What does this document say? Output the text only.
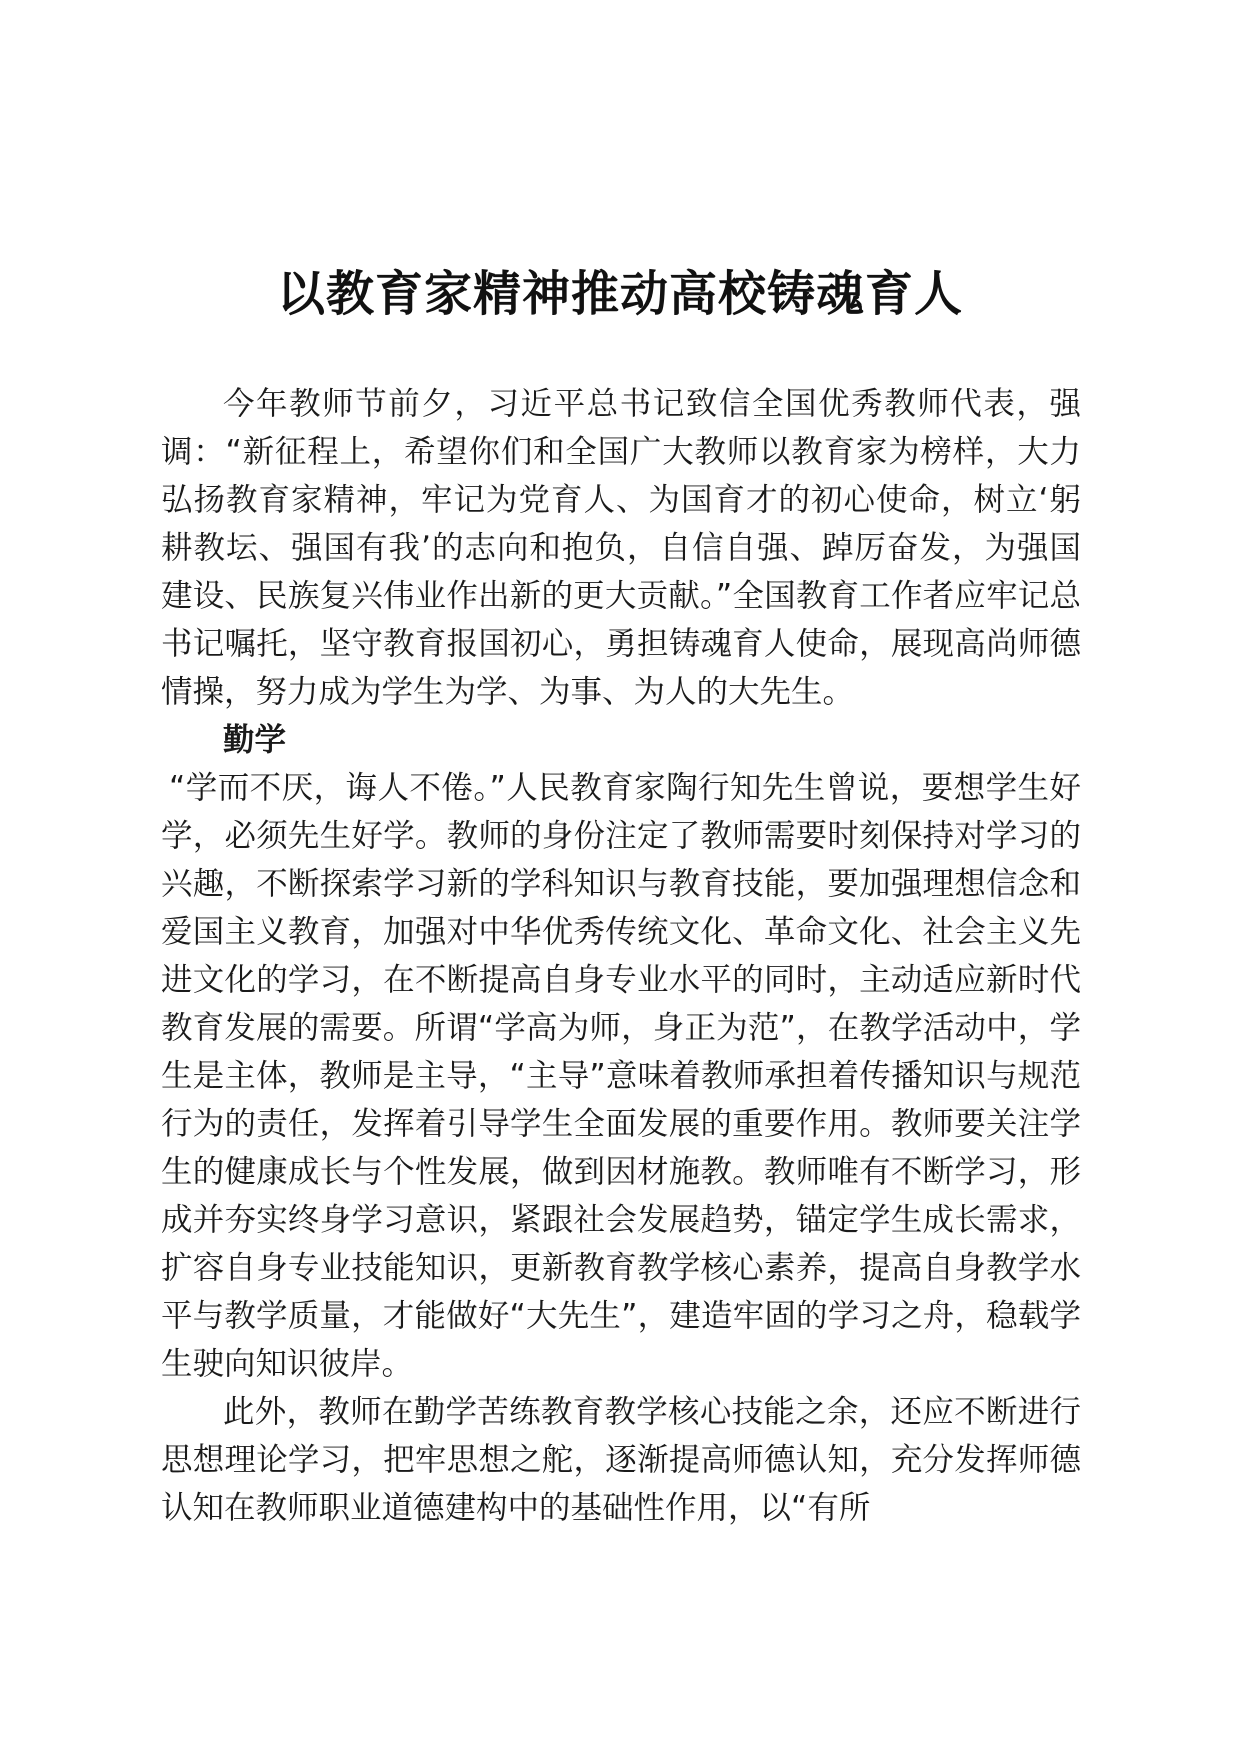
以教育家精神推动高校铸魂育人

今年教师节前夕，习近平总书记致信全国优秀教师代表，强调：“新征程上，希望你们和全国广大教师以教育家为榜样，大力弘扬教育家精神，牢记为党育人、为国育才的初心使命，树立‘躬耕教坛、强国有我’的志向和抱负，自信自强、踔厉奋发，为强国建设、民族复兴伟业作出新的更大贡献。”全国教育工作者应牢记总书记嘱托，坚守教育报国初心，勇担铸魂育人使命，展现高尚师德情操，努力成为学生为学、为事、为人的大先生。

勤学

“学而不厌，诲人不倦。”人民教育家陶行知先生曾说，要想学生好学，必须先生好学。教师的身份注定了教师需要时刻保持对学习的兴趣，不断探索学习新的学科知识与教育技能，要加强理想信念和爱国主义教育，加强对中华优秀传统文化、革命文化、社会主义先进文化的学习，在不断提高自身专业水平的同时，主动适应新时代教育发展的需要。所谓“学高为师，身正为范”，在教学活动中，学生是主体，教师是主导，“主导”意味着教师承担着传播知识与规范行为的责任，发挥着引导学生全面发展的重要作用。教师要关注学生的健康成长与个性发展，做到因材施教。教师唯有不断学习，形成并夯实终身学习意识，紧跟社会发展趋势，锚定学生成长需求，扩容自身专业技能知识，更新教育教学核心素养，提高自身教学水平与教学质量，才能做好“大先生”，建造牢固的学习之舟，稳载学生驶向知识彼岸。

此外，教师在勤学苦练教育教学核心技能之余，还应不断进行思想理论学习，把牢思想之舵，逐渐提高师德认知，充分发挥师德认知在教师职业道德建构中的基础性作用，以“有所
